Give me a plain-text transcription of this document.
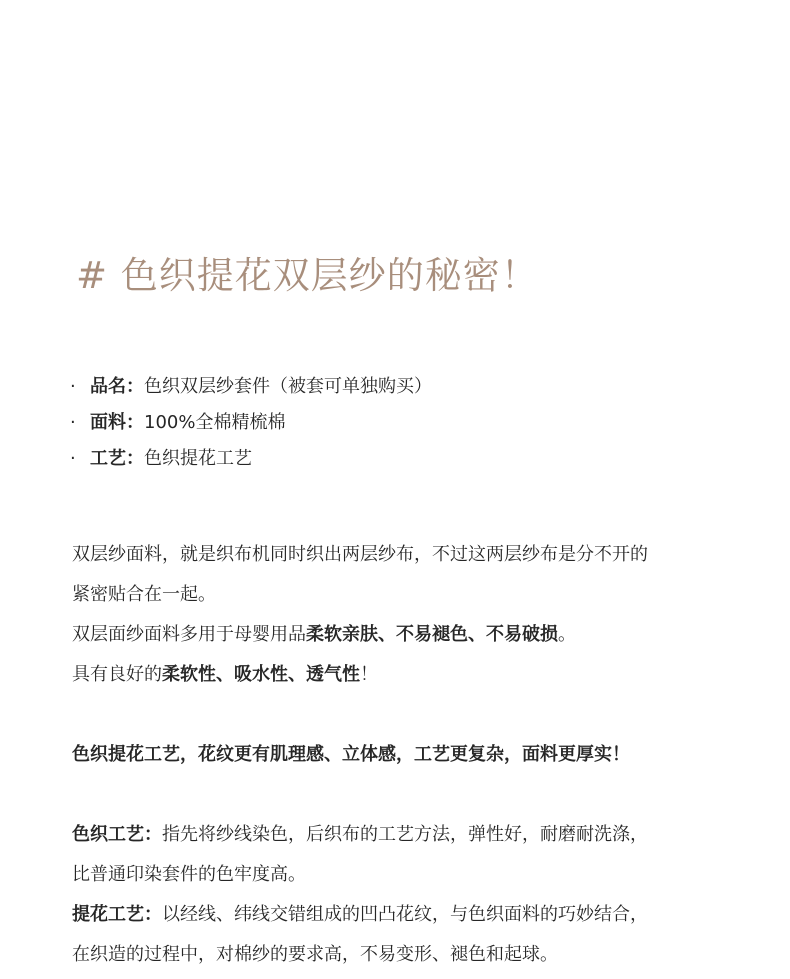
# 色织提花双层纱的秘密！
· 品名：色织双层纱套件（被套可单独购买）
· 面料：100%全棉精梳棉
· 工艺：色织提花工艺
双层纱面料，就是织布机同时织出两层纱布，不过这两层纱布是分不开的
紧密贴合在一起。
双层面纱面料多用于母婴用品柔软亲肤、不易褪色、不易破损。
具有良好的柔软性、吸水性、透气性！
色织提花工艺，花纹更有肌理感、立体感，工艺更复杂，面料更厚实！
色织工艺：指先将纱线染色，后织布的工艺方法，弹性好，耐磨耐洗涤，
比普通印染套件的色牢度高。
提花工艺：以经线、纬线交错组成的凹凸花纹，与色织面料的巧妙结合，
在织造的过程中，对棉纱的要求高，不易变形、褪色和起球。
